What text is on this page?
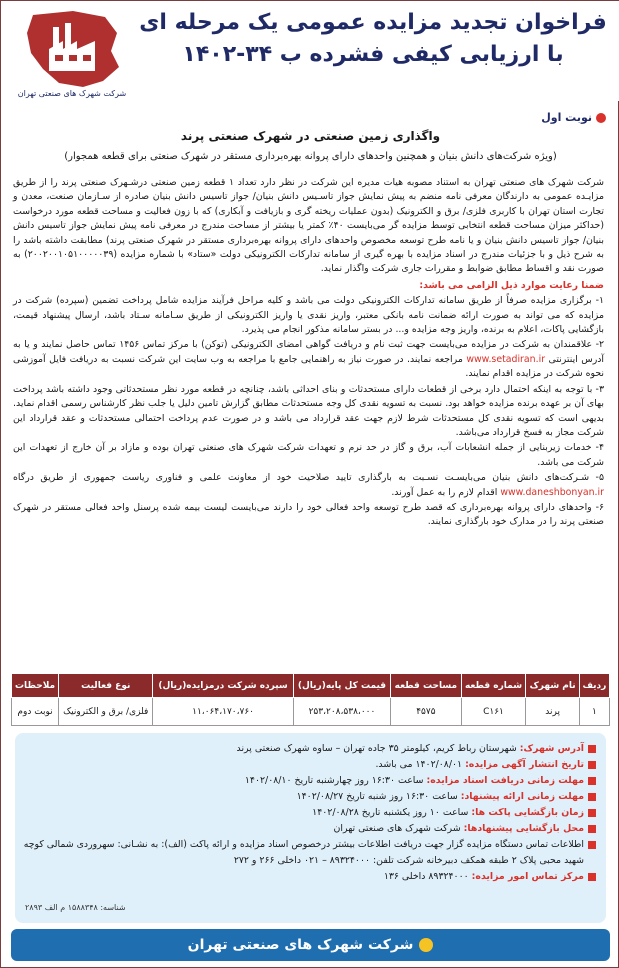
فراخوان تجدید مزایده عمومی یک مرحله ای
با ارزیابی کیفی فشرده ب ۳۴-۱۴۰۲
شرکت شهرک های صنعتی تهران
نوبت اول
واگذاری زمین صنعتی در شهرک صنعتی پرند
(ویژه شرکت‌های دانش بنیان و همچنین واحدهای دارای پروانه بهره‌برداری مستقر در شهرک صنعتی برای قطعه همجوار)

شرکت شهرک های صنعتی تهران به استناد مصوبه هیات مدیره این شرکت در نظر دارد تعداد ۱ قطعه زمین صنعتی درشـهرک صنعتی پرند را از طریق مزایـده عمومی به دارندگان معرفی نامه منضم به پیش نمایش جواز تاسـیس دانش بنیان/ جواز تاسیس دانش بنیان صادره از سـازمان صنعت، معدن و تجارت استان تهران با کاربری فلزی/ برق و الکترونیک (بدون عملیات ریخته گری و بازیافت و آبکاری) که با زون فعالیت و مساحت قطعه مورد درخواست (حداکثر میزان مساحت قطعه انتخابی توسط مزایده گر می‌بایست ۴۰٪ کمتر یا بیشتر از مساحت مندرج در معرفی نامه پیش نمایش جواز تاسیس دانش بنیان/ جواز تاسیس دانش بنیان و یا نامه طرح توسعه مخصوص واحدهای دارای پروانه بهره‌برداری مستقر در شهرک صنعتی پرند) مطابقت داشته باشد را به شرح ذیل و با جزئیات مندرج در اسناد مزایده با بهره گیری از سامانه تدارکات الکترونیکی دولت «ستاد» با شماره مزایده (۲۰۰۲۰۰۱۰۵۱۰۰۰۰۰۳۹) به صورت نقد و اقساط مطابق ضوابط و مقررات جاری شرکت واگذار نماید.

ضمنا رعایت موارد ذیل الزامی می باشد:

۱- برگزاری مزایده صرفاً از طریق سامانه تدارکات الکترونیکی دولت می باشد و کلیه مراحل فرآیند مزایده شامل پرداخت تضمین (سپرده) شرکت در مزایده که می تواند به صورت ارائه ضمانت نامه بانکی معتبر، واریز نقدی یا واریز الکترونیکی از طریق سـامانه سـتاد باشد، ارسال پیشنهاد قیمت، بازگشایی پاکات، اعلام به برنده، واریز وجه مزایده و... در بستر سامانه مذکور انجام می پذیرد.

۲- علاقمندان به شرکت در مزایده می‌بایست جهت ثبت نام و دریافت گواهی امضای الکترونیکی (توکن) با مرکز تماس ۱۴۵۶ تماس حاصل نمایند و یا به آدرس اینترنتی www.setadiran.ir مراجعه نمایند. در صورت نیاز به راهنمایی جامع با مراجعه به وب سایت این شرکت نسبت به دریافت فایل آموزشی نحوه شرکت در مزایده اقدام نمایند.

۳- با توجه به اینکه احتمال دارد برخی از قطعات دارای مستحدثات و بنای احداثی باشد، چنانچه در قطعه مورد نظر مستحدثاتی وجود داشته باشد پرداخت بهای آن بر عهده برنده مزایده خواهد بود. نسبت به تسویه نقدی کل وجه مستحدثات مطابق گزارش تامین دلیل یا جلب نظر کارشناس رسمی اقدام نماید. بدیهی است که تسویه نقدی کل مستحدثات شرط لازم جهت عقد قرارداد می باشد و در صورت عدم پرداخت احتمالی مستحدثات و عقد قرارداد این شرکت مجاز به فسخ قرارداد می‌باشد.

۴- خدمات زیربنایی از جمله انشعابات آب، برق و گاز در حد نرم و تعهدات شرکت شهرک های صنعتی تهران بوده و مازاد بر آن خارج از تعهدات این شرکت می باشد.

۵- شـرکت‌های دانش بنیان می‌بایسـت نسـبت به بارگذاری تایید صلاحیت خود از معاونت علمی و فناوری ریاست جمهوری از طریق درگاه www.daneshbonyan.ir اقدام لازم را به عمل آورند.

۶- واحدهای دارای پروانه بهره‌برداری که قصد طرح توسعه واحد فعالی خود را دارند می‌بایست لیست بیمه شده پرسنل واحد فعالی مستقر در شهرک صنعتی پرند را در مدارک خود بارگذاری نمایند.

ردیف	نام شهرک	شماره قطعه	مساحت قطعه	قیمت کل پایه(ریال)	سپرده شرکت درمزایده(ریال)	نوع فعالیت	ملاحظات
۱	پرند	C۱۶۱	۴۵۷۵	۲۵۳،۲۰۸،۵۳۸،۰۰۰	۱۱،۰۶۴،۱۷۰،۷۶۰	فلزی/ برق و الکترونیک	نوبت دوم
آدرس شهرک: شهرستان رباط کریم، کیلومتر ۳۵ جاده تهران – ساوه شهرک صنعتی پرند
تاریخ انتشار آگهی مزایده: ۱۴۰۲/۰۸/۰۱ می باشد.
مهلت زمانی دریافت اسناد مزایده: ساعت ۱۶:۳۰ روز چهارشنبه تاریخ ۱۴۰۲/۰۸/۱۰
مهلت زمانی ارائه پیشنهاد: ساعت ۱۶:۳۰ روز شنبه تاریخ ۱۴۰۲/۰۸/۲۷
زمان بازگشایی پاکت ها: ساعت ۱۰ روز یکشنبه تاریخ ۱۴۰۲/۰۸/۲۸
محل بازگشایی پیشنهادها: شرکت شهرک های صنعتی تهران
اطلاعات تماس دستگاه مزایده گزار جهت دریافت اطلاعات بیشتر درخصوص اسناد مزایده و ارائه پاکت (الف): به نشـانی: سهروردی شمالی کوچه شهید محبی پلاک ۲ طبقه همکف دبیرخانه شرکت تلفن: ۸۹۳۲۴۰۰۰ – ۰۲۱ داخلی ۲۶۶ و ۲۷۲
مرکز تماس امور مزایده: ۸۹۳۲۴۰۰۰ داخلی ۱۳۶
شناسه: ۱۵۸۸۳۴۸ م الف ۲۸۹۳
شرکت شهرک های صنعتی تهران
